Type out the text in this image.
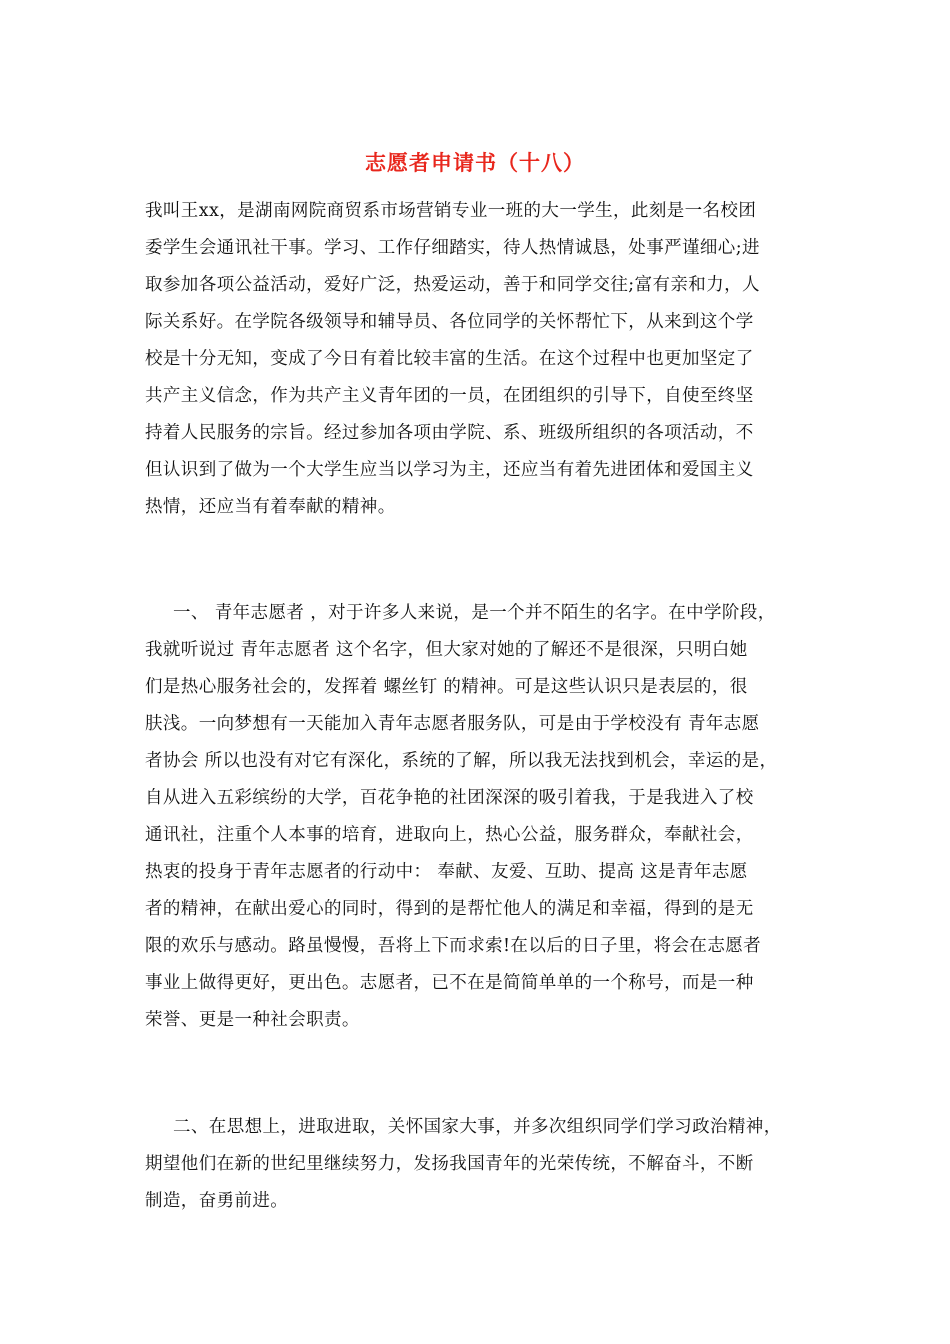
志愿者申请书（十八）
我叫王xx，是湖南网院商贸系市场营销专业一班的大一学生，此刻是一名校团
委学生会通讯社干事。学习、工作仔细踏实，待人热情诚恳，处事严谨细心;进
取参加各项公益活动，爱好广泛，热爱运动，善于和同学交往;富有亲和力，人
际关系好。在学院各级领导和辅导员、各位同学的关怀帮忙下，从来到这个学
校是十分无知，变成了今日有着比较丰富的生活。在这个过程中也更加坚定了
共产主义信念，作为共产主义青年团的一员，在团组织的引导下，自使至终坚
持着人民服务的宗旨。经过参加各项由学院、系、班级所组织的各项活动，不
但认识到了做为一个大学生应当以学习为主，还应当有着先进团体和爱国主义
热情，还应当有着奉献的精神。
一、 青年志愿者 ，对于许多人来说，是一个并不陌生的名字。在中学阶段，
我就听说过 青年志愿者 这个名字，但大家对她的了解还不是很深，只明白她
们是热心服务社会的，发挥着 螺丝钉 的精神。可是这些认识只是表层的，很
肤浅。一向梦想有一天能加入青年志愿者服务队，可是由于学校没有 青年志愿
者协会 所以也没有对它有深化，系统的了解，所以我无法找到机会，幸运的是，
自从进入五彩缤纷的大学，百花争艳的社团深深的吸引着我，于是我进入了校
通讯社，注重个人本事的培育，进取向上，热心公益，服务群众，奉献社会，
热衷的投身于青年志愿者的行动中： 奉献、友爱、互助、提高 这是青年志愿
者的精神，在献出爱心的同时，得到的是帮忙他人的满足和幸福，得到的是无
限的欢乐与感动。路虽慢慢，吾将上下而求索!在以后的日子里，将会在志愿者
事业上做得更好，更出色。志愿者，已不在是简简单单的一个称号，而是一种
荣誉、更是一种社会职责。
二、在思想上，进取进取，关怀国家大事，并多次组织同学们学习政治精神，
期望他们在新的世纪里继续努力，发扬我国青年的光荣传统，不解奋斗，不断
制造，奋勇前进。
